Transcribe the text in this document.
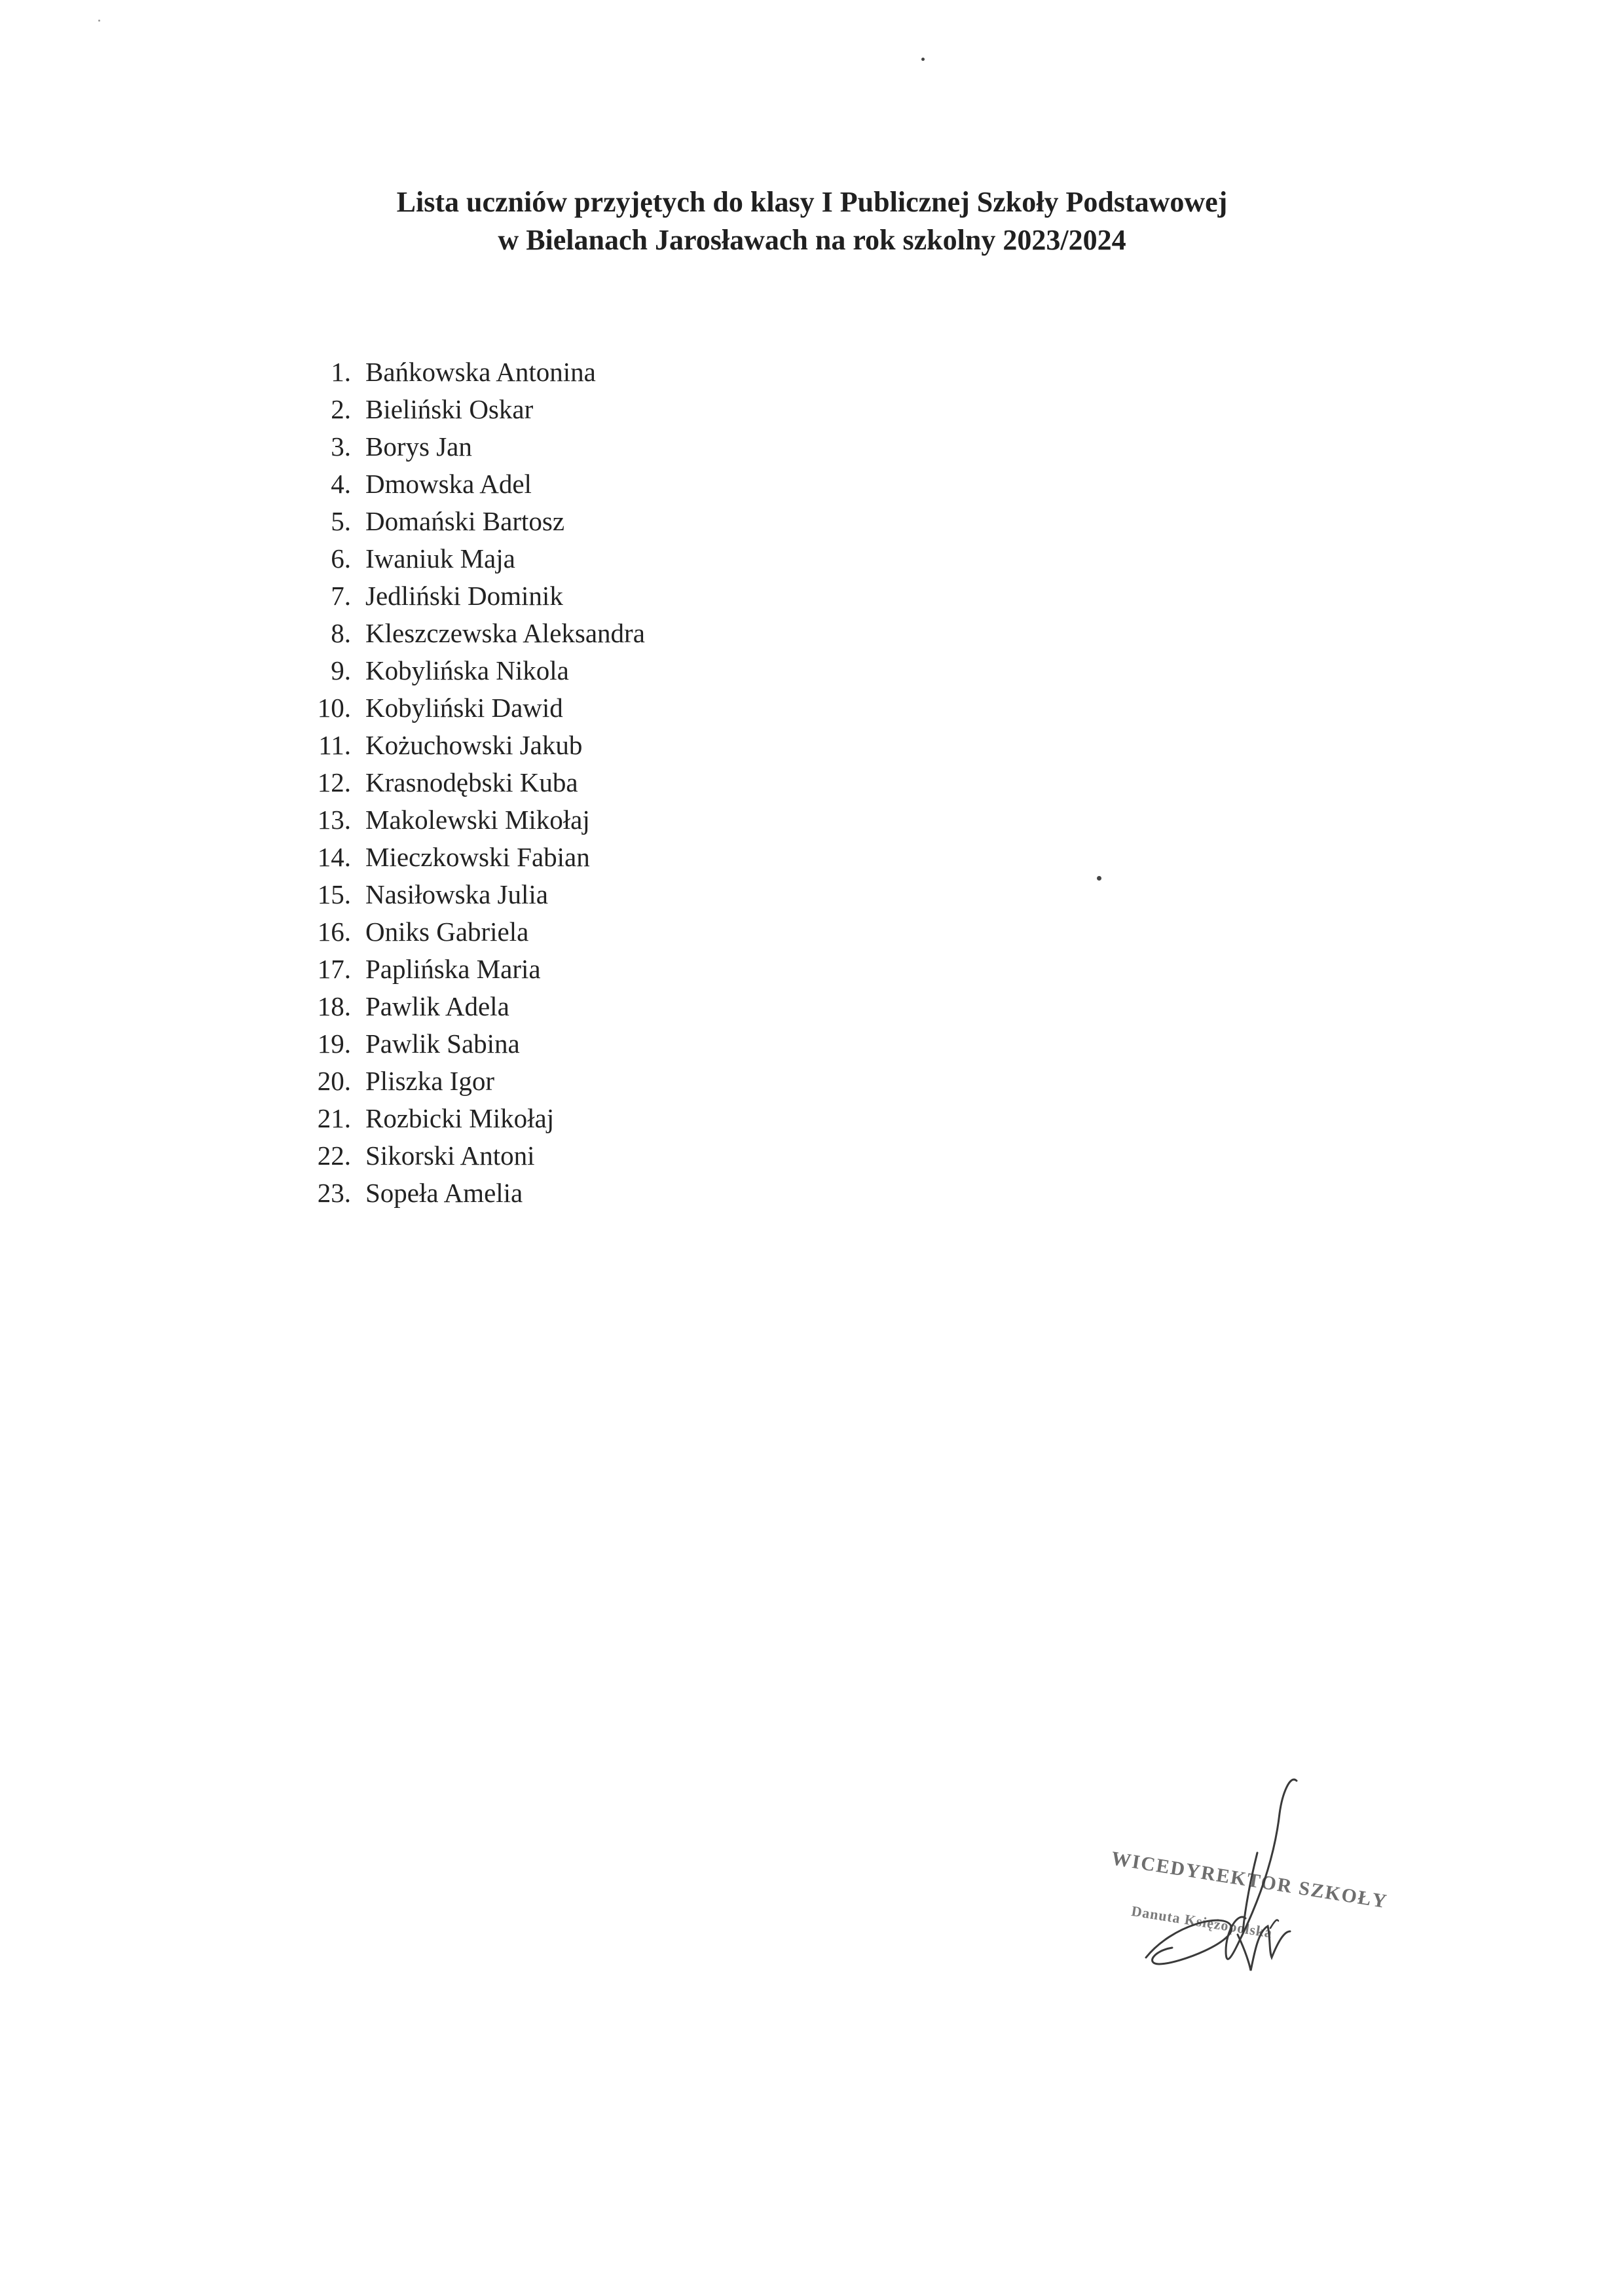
Lista uczniów przyjętych do klasy I Publicznej Szkoły Podstawowej
w Bielanach Jarosławach na rok szkolny 2023/2024
1. Bańkowska Antonina
2. Bieliński Oskar
3. Borys Jan
4. Dmowska Adel
5. Domański Bartosz
6. Iwaniuk Maja
7. Jedliński Dominik
8. Kleszczewska Aleksandra
9. Kobylińska Nikola
10. Kobyliński Dawid
11. Kożuchowski Jakub
12. Krasnodębski Kuba
13. Makolewski Mikołaj
14. Mieczkowski Fabian
15. Nasiłowska Julia
16. Oniks Gabriela
17. Paplińska Maria
18. Pawlik Adela
19. Pawlik Sabina
20. Pliszka Igor
21. Rozbicki Mikołaj
22. Sikorski Antoni
23. Sopeła Amelia
WICEDYREKTOR SZKOŁY
Danuta Księżopolska
